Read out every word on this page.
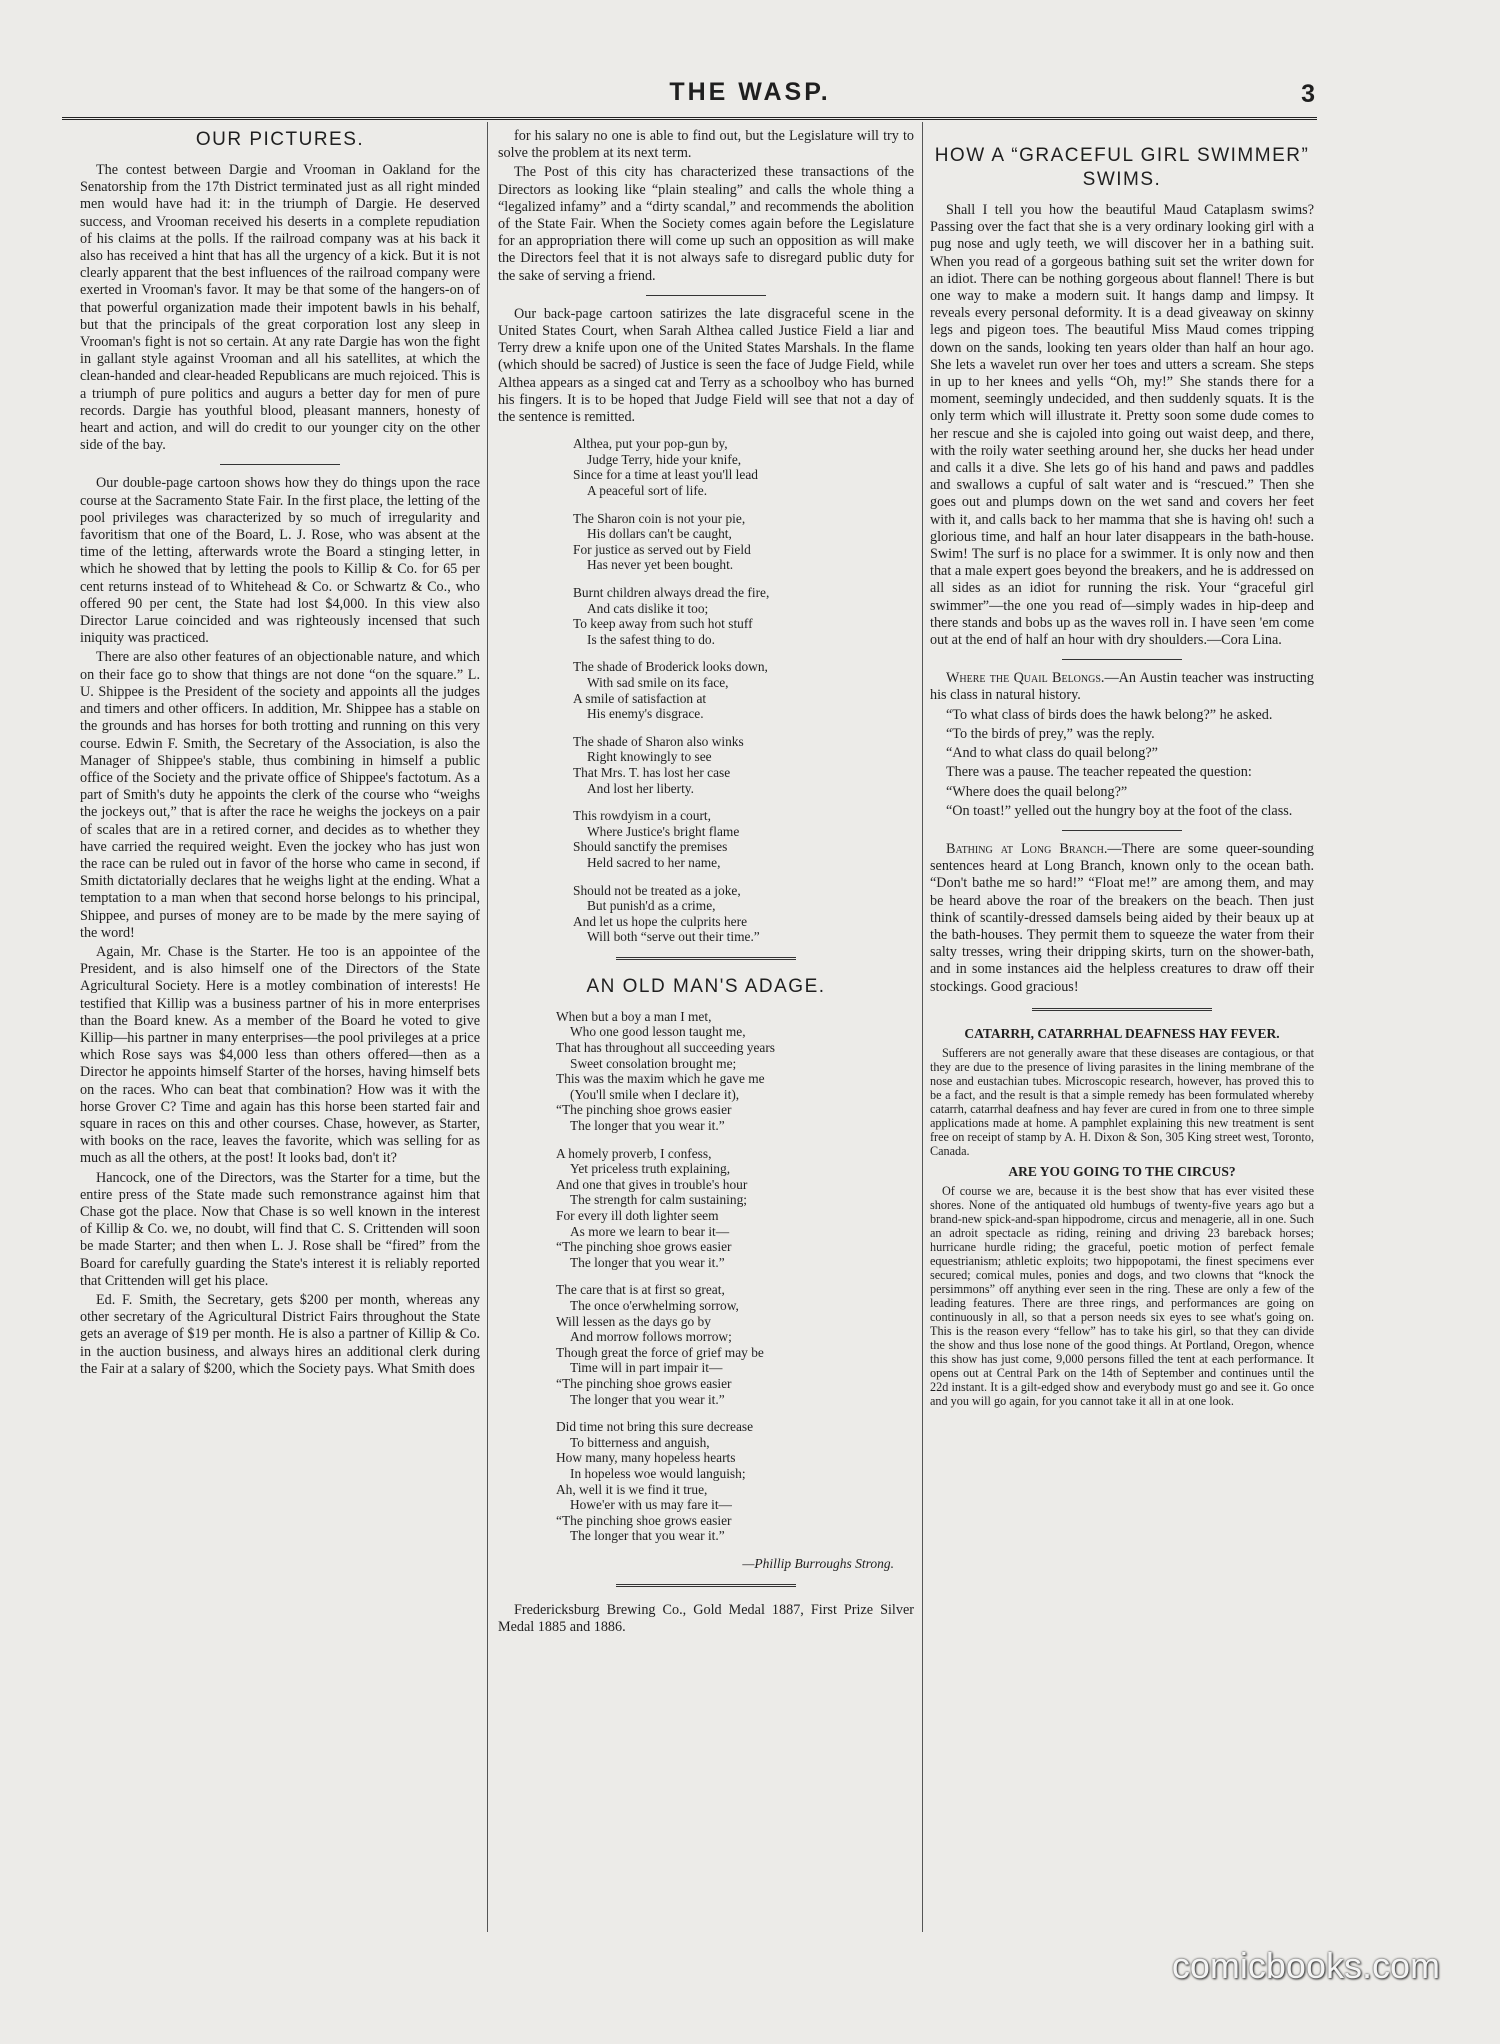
THE WASP.	3
OUR PICTURES.

The contest between Dargie and Vrooman in Oakland for the Senatorship from the 17th District terminated just as all right minded men would have had it: in the triumph of Dargie. He deserved success, and Vrooman received his deserts in a complete repudiation of his claims at the polls. If the railroad company was at his back it also has received a hint that has all the urgency of a kick. But it is not clearly apparent that the best influences of the railroad company were exerted in Vrooman's favor. It may be that some of the hangers-on of that powerful organization made their impotent bawls in his behalf, but that the principals of the great corporation lost any sleep in Vrooman's fight is not so certain. At any rate Dargie has won the fight in gallant style against Vrooman and all his satellites, at which the clean-handed and clear-headed Republicans are much rejoiced. This is a triumph of pure politics and augurs a better day for men of pure records. Dargie has youthful blood, pleasant manners, honesty of heart and action, and will do credit to our younger city on the other side of the bay.

Our double-page cartoon shows how they do things upon the race course at the Sacramento State Fair. In the first place, the letting of the pool privileges was characterized by so much of irregularity and favoritism that one of the Board, L. J. Rose, who was absent at the time of the letting, afterwards wrote the Board a stinging letter, in which he showed that by letting the pools to Killip & Co. for 65 per cent returns instead of to Whitehead & Co. or Schwartz & Co., who offered 90 per cent, the State had lost $4,000. In this view also Director Larue coincided and was righteously incensed that such iniquity was practiced.

There are also other features of an objectionable nature, and which on their face go to show that things are not done “on the square.” L. U. Shippee is the President of the society and appoints all the judges and timers and other officers. In addition, Mr. Shippee has a stable on the grounds and has horses for both trotting and running on this very course. Edwin F. Smith, the Secretary of the Association, is also the Manager of Shippee's stable, thus combining in himself a public office of the Society and the private office of Shippee's factotum. As a part of Smith's duty he appoints the clerk of the course who “weighs the jockeys out,” that is after the race he weighs the jockeys on a pair of scales that are in a retired corner, and decides as to whether they have carried the required weight. Even the jockey who has just won the race can be ruled out in favor of the horse who came in second, if Smith dictatorially declares that he weighs light at the ending. What a temptation to a man when that second horse belongs to his principal, Shippee, and purses of money are to be made by the mere saying of the word!

Again, Mr. Chase is the Starter. He too is an appointee of the President, and is also himself one of the Directors of the State Agricultural Society. Here is a motley combination of interests! He testified that Killip was a business partner of his in more enterprises than the Board knew. As a member of the Board he voted to give Killip—his partner in many enterprises—the pool privileges at a price which Rose says was $4,000 less than others offered—then as a Director he appoints himself Starter of the horses, having himself bets on the races. Who can beat that combination? How was it with the horse Grover C? Time and again has this horse been started fair and square in races on this and other courses. Chase, however, as Starter, with books on the race, leaves the favorite, which was selling for as much as all the others, at the post! It looks bad, don't it?

Hancock, one of the Directors, was the Starter for a time, but the entire press of the State made such remonstrance against him that Chase got the place. Now that Chase is so well known in the interest of Killip & Co. we, no doubt, will find that C. S. Crittenden will soon be made Starter; and then when L. J. Rose shall be “fired” from the Board for carefully guarding the State's interest it is reliably reported that Crittenden will get his place.

Ed. F. Smith, the Secretary, gets $200 per month, whereas any other secretary of the Agricultural District Fairs throughout the State gets an average of $19 per month. He is also a partner of Killip & Co. in the auction business, and always hires an additional clerk during the Fair at a salary of $200, which the Society pays. What Smith does

for his salary no one is able to find out, but the Legislature will try to solve the problem at its next term.

The Post of this city has characterized these transactions of the Directors as looking like “plain stealing” and calls the whole thing a “legalized infamy” and a “dirty scandal,” and recommends the abolition of the State Fair. When the Society comes again before the Legislature for an appropriation there will come up such an opposition as will make the Directors feel that it is not always safe to disregard public duty for the sake of serving a friend.

Our back-page cartoon satirizes the late disgraceful scene in the United States Court, when Sarah Althea called Justice Field a liar and Terry drew a knife upon one of the United States Marshals. In the flame (which should be sacred) of Justice is seen the face of Judge Field, while Althea appears as a singed cat and Terry as a schoolboy who has burned his fingers. It is to be hoped that Judge Field will see that not a day of the sentence is remitted.

Althea, put your pop-gun by,
Judge Terry, hide your knife,
Since for a time at least you'll lead
A peaceful sort of life.
The Sharon coin is not your pie,
His dollars can't be caught,
For justice as served out by Field
Has never yet been bought.
Burnt children always dread the fire,
And cats dislike it too;
To keep away from such hot stuff
Is the safest thing to do.
The shade of Broderick looks down,
With sad smile on its face,
A smile of satisfaction at
His enemy's disgrace.
The shade of Sharon also winks
Right knowingly to see
That Mrs. T. has lost her case
And lost her liberty.
This rowdyism in a court,
Where Justice's bright flame
Should sanctify the premises
Held sacred to her name,
Should not be treated as a joke,
But punish'd as a crime,
And let us hope the culprits here
Will both “serve out their time.”
AN OLD MAN'S ADAGE.
When but a boy a man I met,
Who one good lesson taught me,
That has throughout all succeeding years
Sweet consolation brought me;
This was the maxim which he gave me
(You'll smile when I declare it),
“The pinching shoe grows easier
The longer that you wear it.”
A homely proverb, I confess,
Yet priceless truth explaining,
And one that gives in trouble's hour
The strength for calm sustaining;
For every ill doth lighter seem
As more we learn to bear it—
“The pinching shoe grows easier
The longer that you wear it.”
The care that is at first so great,
The once o'erwhelming sorrow,
Will lessen as the days go by
And morrow follows morrow;
Though great the force of grief may be
Time will in part impair it—
“The pinching shoe grows easier
The longer that you wear it.”
Did time not bring this sure decrease
To bitterness and anguish,
How many, many hopeless hearts
In hopeless woe would languish;
Ah, well it is we find it true,
Howe'er with us may fare it—
“The pinching shoe grows easier
The longer that you wear it.”
—Phillip Burroughs Strong.

Fredericksburg Brewing Co., Gold Medal 1887, First Prize Silver Medal 1885 and 1886.

HOW A “GRACEFUL GIRL SWIMMER” SWIMS.

Shall I tell you how the beautiful Maud Cataplasm swims? Passing over the fact that she is a very ordinary looking girl with a pug nose and ugly teeth, we will discover her in a bathing suit. When you read of a gorgeous bathing suit set the writer down for an idiot. There can be nothing gorgeous about flannel! There is but one way to make a modern suit. It hangs damp and limpsy. It reveals every personal deformity. It is a dead giveaway on skinny legs and pigeon toes. The beautiful Miss Maud comes tripping down on the sands, looking ten years older than half an hour ago. She lets a wavelet run over her toes and utters a scream. She steps in up to her knees and yells “Oh, my!” She stands there for a moment, seemingly undecided, and then suddenly squats. It is the only term which will illustrate it. Pretty soon some dude comes to her rescue and she is cajoled into going out waist deep, and there, with the roily water seething around her, she ducks her head under and calls it a dive. She lets go of his hand and paws and paddles and swallows a cupful of salt water and is “rescued.” Then she goes out and plumps down on the wet sand and covers her feet with it, and calls back to her mamma that she is having oh! such a glorious time, and half an hour later disappears in the bath-house. Swim! The surf is no place for a swimmer. It is only now and then that a male expert goes beyond the breakers, and he is addressed on all sides as an idiot for running the risk. Your “graceful girl swimmer”—the one you read of—simply wades in hip-deep and there stands and bobs up as the waves roll in. I have seen 'em come out at the end of half an hour with dry shoulders.—Cora Lina.

Where the Quail Belongs.—An Austin teacher was instructing his class in natural history.

“To what class of birds does the hawk belong?” he asked.

“To the birds of prey,” was the reply.

“And to what class do quail belong?”

There was a pause. The teacher repeated the question:

“Where does the quail belong?”

“On toast!” yelled out the hungry boy at the foot of the class.

Bathing at Long Branch.—There are some queer-sounding sentences heard at Long Branch, known only to the ocean bath. “Don't bathe me so hard!” “Float me!” are among them, and may be heard above the roar of the breakers on the beach. Then just think of scantily-dressed damsels being aided by their beaux up at the bath-houses. They permit them to squeeze the water from their salty tresses, wring their dripping skirts, turn on the shower-bath, and in some instances aid the helpless creatures to draw off their stockings. Good gracious!

CATARRH, CATARRHAL DEAFNESS HAY FEVER.

Sufferers are not generally aware that these diseases are contagious, or that they are due to the presence of living parasites in the lining membrane of the nose and eustachian tubes. Microscopic research, however, has proved this to be a fact, and the result is that a simple remedy has been formulated whereby catarrh, catarrhal deafness and hay fever are cured in from one to three simple applications made at home. A pamphlet explaining this new treatment is sent free on receipt of stamp by A. H. Dixon & Son, 305 King street west, Toronto, Canada.

ARE YOU GOING TO THE CIRCUS?

Of course we are, because it is the best show that has ever visited these shores. None of the antiquated old humbugs of twenty-five years ago but a brand-new spick-and-span hippodrome, circus and menagerie, all in one. Such an adroit spectacle as riding, reining and driving 23 bareback horses; hurricane hurdle riding; the graceful, poetic motion of perfect female equestrianism; athletic exploits; two hippopotami, the finest specimens ever secured; comical mules, ponies and dogs, and two clowns that “knock the persimmons” off anything ever seen in the ring. These are only a few of the leading features. There are three rings, and performances are going on continuously in all, so that a person needs six eyes to see what's going on. This is the reason every “fellow” has to take his girl, so that they can divide the show and thus lose none of the good things. At Portland, Oregon, whence this show has just come, 9,000 persons filled the tent at each performance. It opens out at Central Park on the 14th of September and continues until the 22d instant. It is a gilt-edged show and everybody must go and see it. Go once and you will go again, for you cannot take it all in at one look.

comicbooks.com
